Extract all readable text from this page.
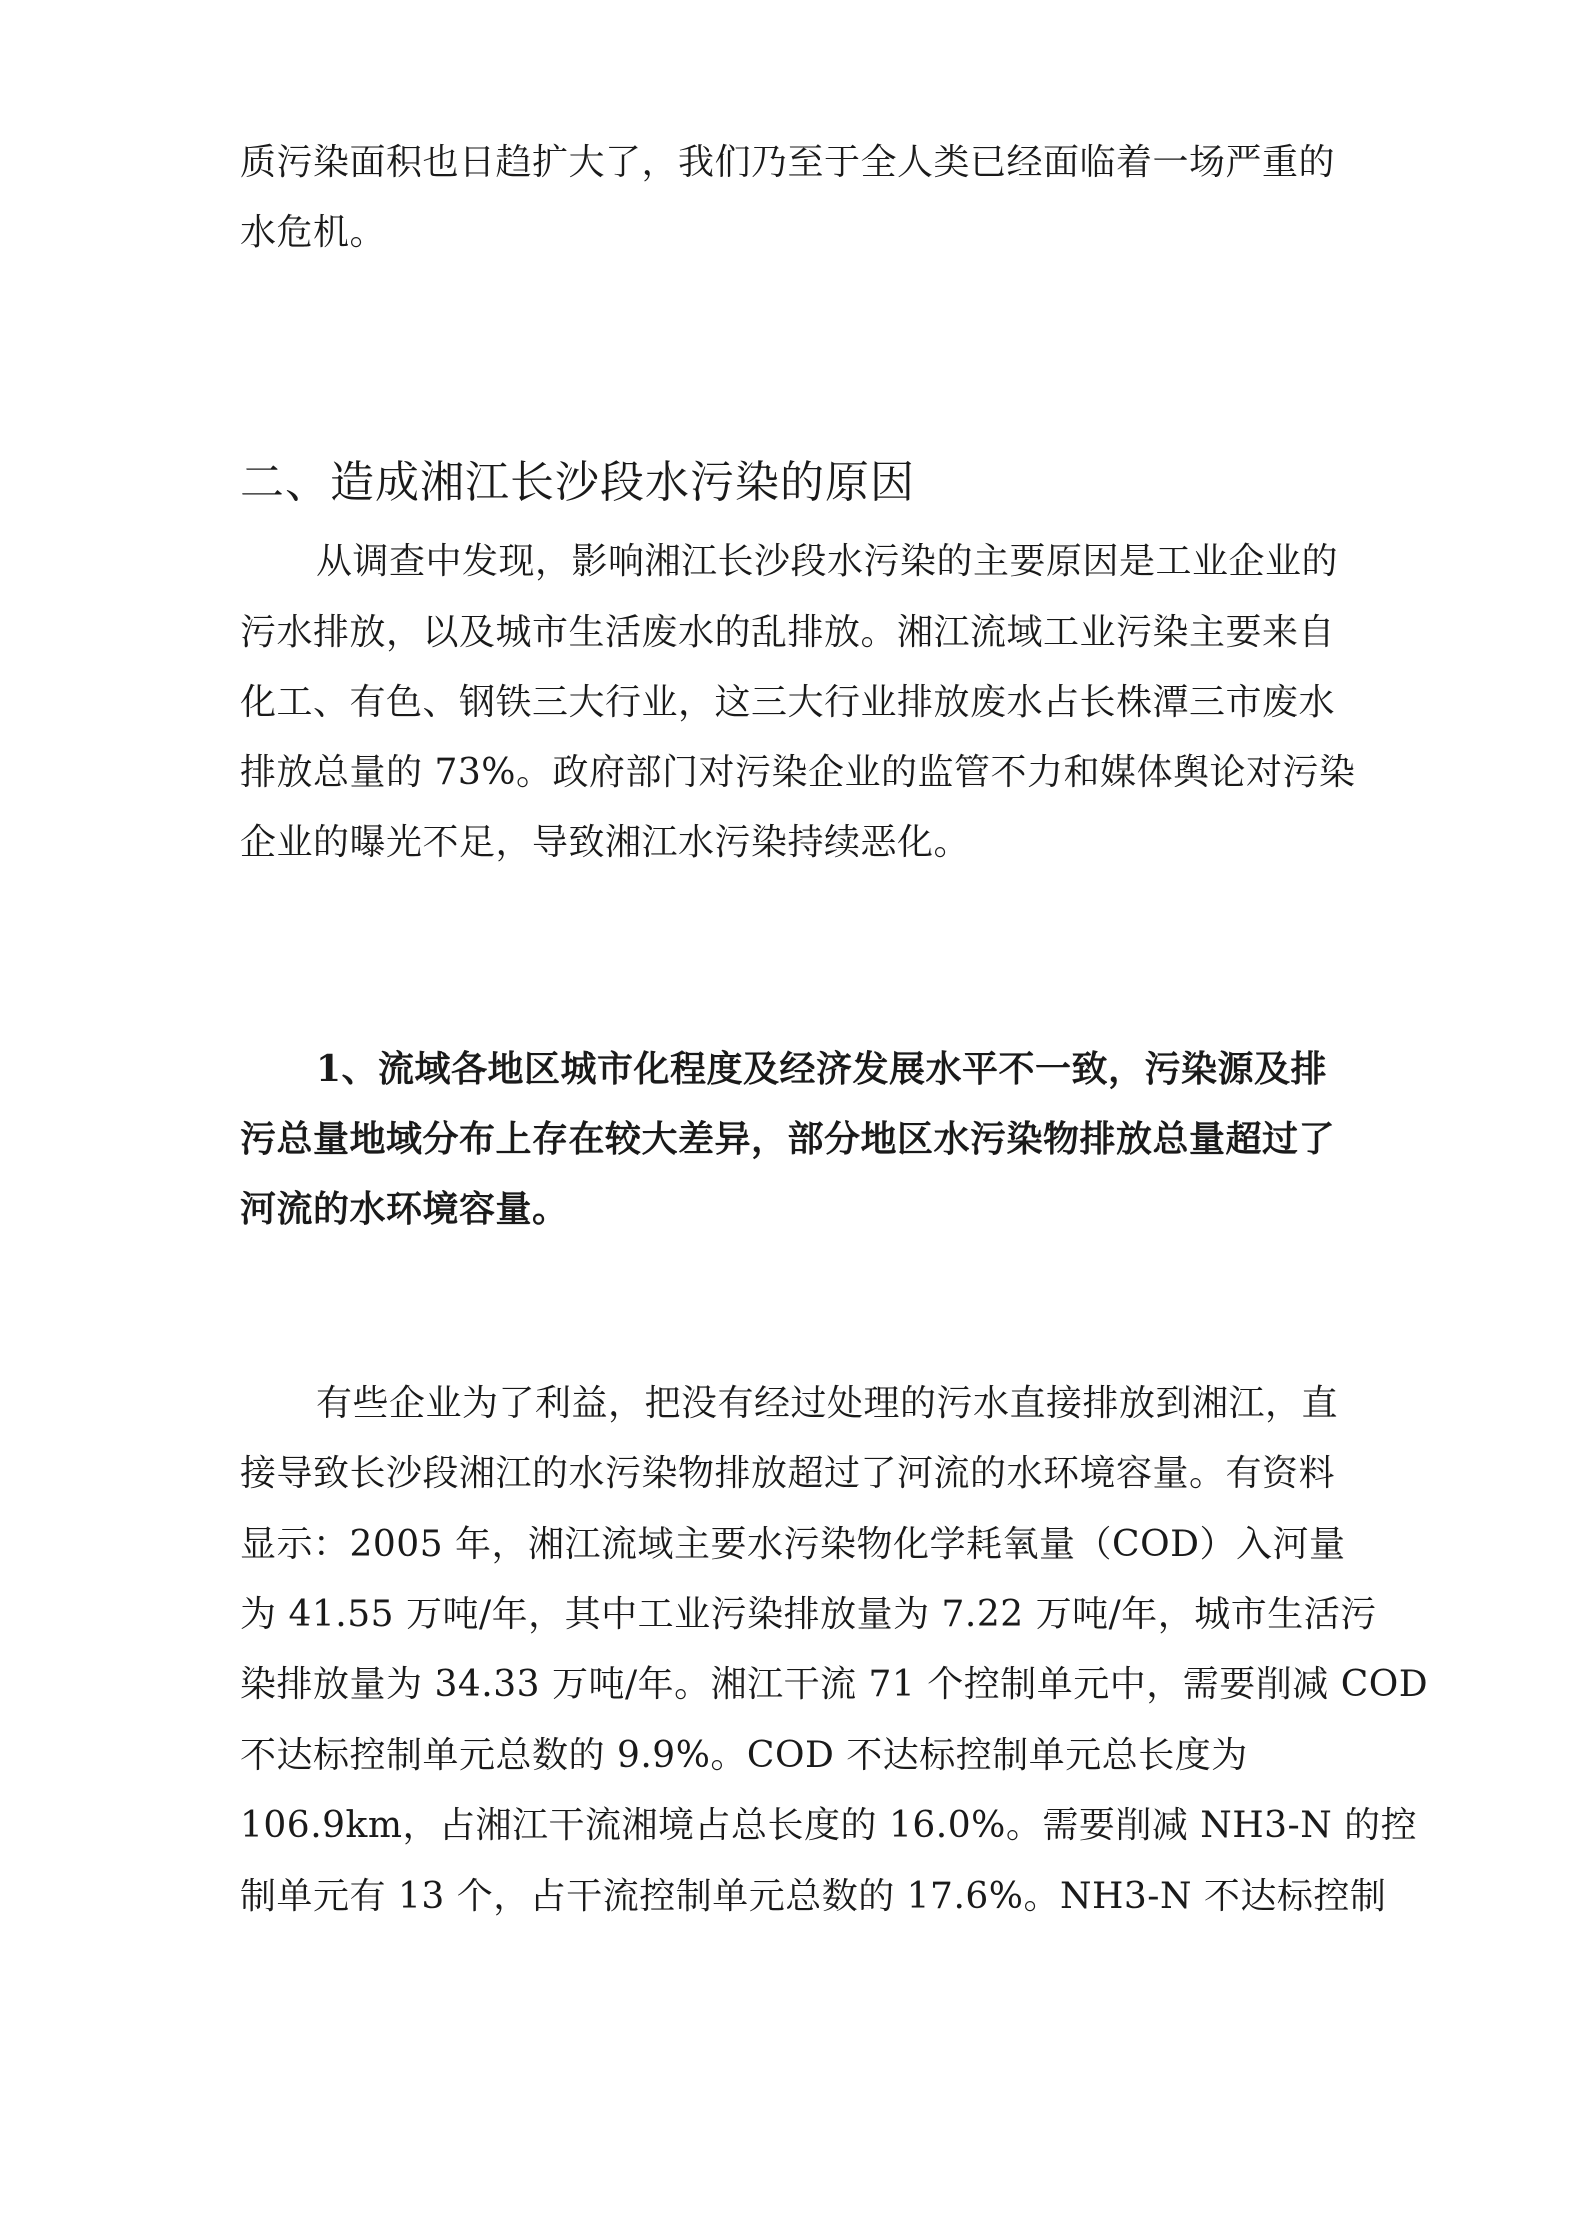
质污染面积也日趋扩大了，我们乃至于全人类已经面临着一场严重的
水危机。
二、造成湘江长沙段水污染的原因
从调查中发现，影响湘江长沙段水污染的主要原因是工业企业的
污水排放，以及城市生活废水的乱排放。湘江流域工业污染主要来自
化工、有色、钢铁三大行业，这三大行业排放废水占长株潭三市废水
排放总量的 73%。政府部门对污染企业的监管不力和媒体舆论对污染
企业的曝光不足，导致湘江水污染持续恶化。
1、流域各地区城市化程度及经济发展水平不一致，污染源及排
污总量地域分布上存在较大差异，部分地区水污染物排放总量超过了
河流的水环境容量。
有些企业为了利益，把没有经过处理的污水直接排放到湘江，直
接导致长沙段湘江的水污染物排放超过了河流的水环境容量。有资料
显示：2005 年，湘江流域主要水污染物化学耗氧量（COD）入河量
为 41.55 万吨/年，其中工业污染排放量为 7.22 万吨/年，城市生活污
染排放量为 34.33 万吨/年。湘江干流 71 个控制单元中，需要削减 COD
不达标控制单元总数的 9.9%。COD 不达标控制单元总长度为
106.9km，占湘江干流湘境占总长度的 16.0%。需要削减 NH3-N 的控
制单元有 13 个，占干流控制单元总数的 17.6%。NH3-N 不达标控制
